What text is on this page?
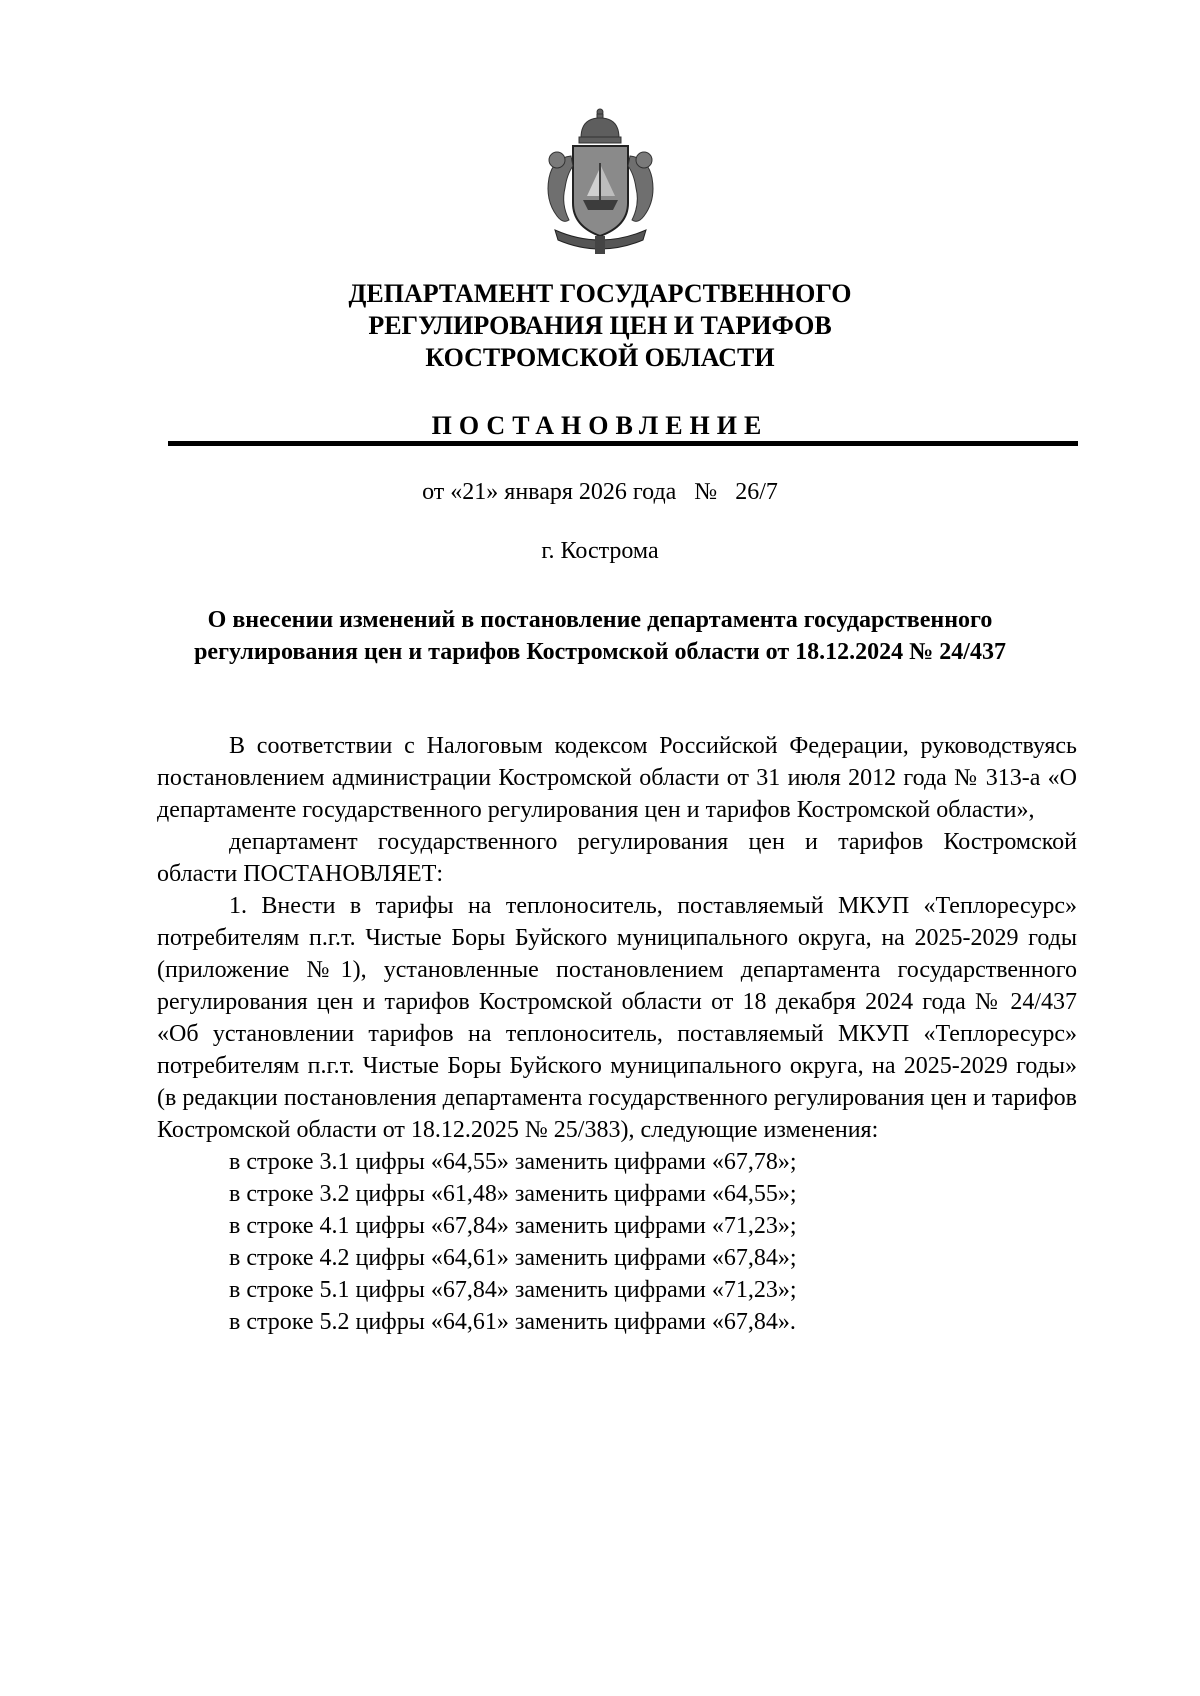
ДЕПАРТАМЕНТ ГОСУДАРСТВЕННОГО
РЕГУЛИРОВАНИЯ ЦЕН И ТАРИФОВ
КОСТРОМСКОЙ ОБЛАСТИ
ПОСТАНОВЛЕНИЕ
от «21» января 2026 года   №   26/7
г. Кострома
О внесении изменений в постановление департамента государственного
регулирования цен и тарифов Костромской области от 18.12.2024 № 24/437

В соответствии с Налоговым кодексом Российской Федерации, руководствуясь постановлением администрации Костромской области от 31 июля 2012 года № 313-а «О департаменте государственного регулирования цен и тарифов Костромской области»,

департамент государственного регулирования цен и тарифов Костромской области ПОСТАНОВЛЯЕТ:

1. Внести в тарифы на теплоноситель, поставляемый МКУП «Теплоресурс» потребителям п.г.т. Чистые Боры Буйского муниципального округа, на 2025-2029 годы (приложение №1), установленные постановлением департамента государственного регулирования цен и тарифов Костромской области от 18 декабря 2024 года № 24/437 «Об установлении тарифов на теплоноситель, поставляемый МКУП «Теплоресурс» потребителям п.г.т. Чистые Боры Буйского муниципального округа, на 2025-2029 годы» (в редакции постановления департамента государственного регулирования цен и тарифов Костромской области от 18.12.2025 № 25/383), следующие изменения:

в строке 3.1 цифры «64,55» заменить цифрами «67,78»;

в строке 3.2 цифры «61,48» заменить цифрами «64,55»;

в строке 4.1 цифры «67,84» заменить цифрами «71,23»;

в строке 4.2 цифры «64,61» заменить цифрами «67,84»;

в строке 5.1 цифры «67,84» заменить цифрами «71,23»;

в строке 5.2 цифры «64,61» заменить цифрами «67,84».
